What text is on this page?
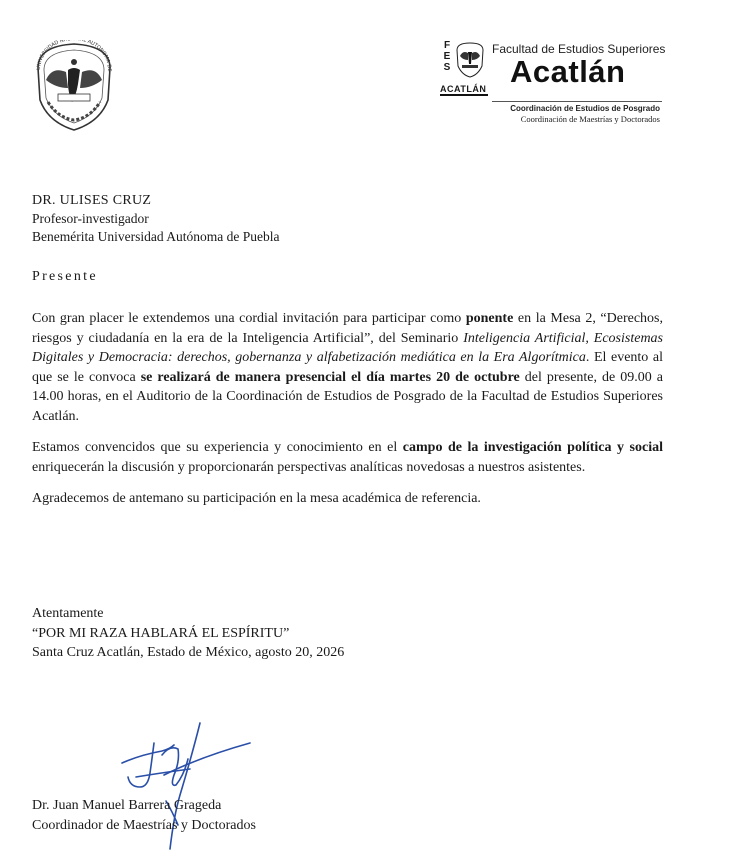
UNIVERSIDAD N L AUTONOMA DE
F
E
S
ACATLÁN
Facultad de Estudios Superiores
Acatlán
Coordinación de Estudios de Posgrado
Coordinación de Maestrías y Doctorados
DR. ULISES CRUZ
Profesor-investigador
Benemérita Universidad Autónoma de Puebla
Presente

Con gran placer le extendemos una cordial invitación para participar como ponente en la Mesa 2, “Derechos, riesgos y ciudadanía en la era de la Inteligencia Artificial”, del Seminario Inteligencia Artificial, Ecosistemas Digitales y Democracia: derechos, gobernanza y alfabetización mediática en la Era Algorítmica. El evento al que se le convoca se realizará de manera presencial el día martes 20 de octubre del presente, de 09.00 a 14.00 horas, en el Auditorio de la Coordinación de Estudios de Posgrado de la Facultad de Estudios Superiores Acatlán.

Estamos convencidos que su experiencia y conocimiento en el campo de la investigación política y social enriquecerán la discusión y proporcionarán perspectivas analíticas novedosas a nuestros asistentes.

Agradecemos de antemano su participación en la mesa académica de referencia.

Atentamente
“POR MI RAZA HABLARÁ EL ESPÍRITU”
Santa Cruz Acatlán, Estado de México, agosto 20, 2026
Dr. Juan Manuel Barrera Grageda
Coordinador de Maestrías y Doctorados
